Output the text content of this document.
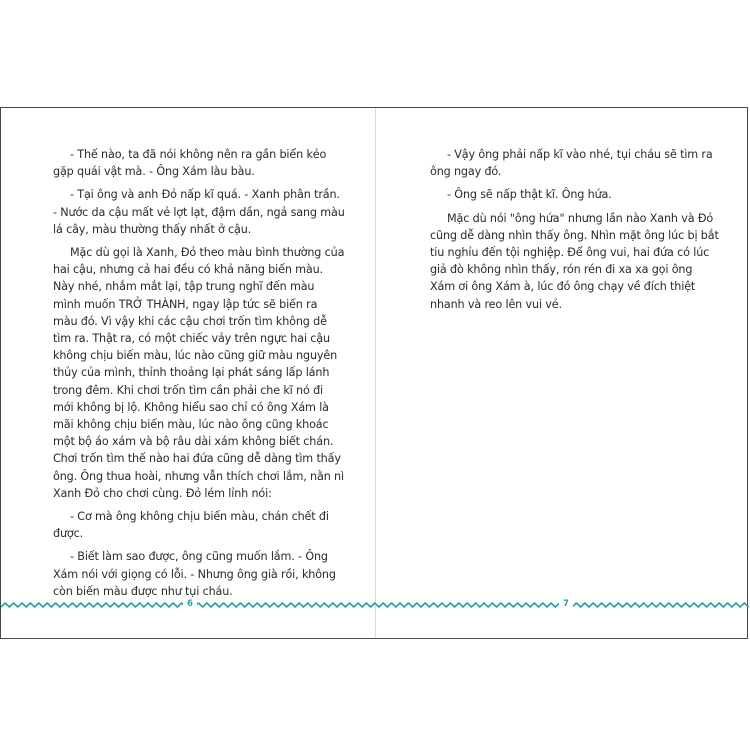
- Thế nào, ta đã nói không nên ra gần biển kẻo gặp quái vật mà. - Ông Xám làu bàu.

- Tại ông và anh Đỏ nấp kĩ quá. - Xanh phân trần. - Nước da cậu mất vẻ lợt lạt, đậm dần, ngả sang màu lá cây, màu thường thấy nhất ở cậu.

Mặc dù gọi là Xanh, Đỏ theo màu bình thường của hai cậu, nhưng cả hai đều có khả năng biến màu. Này nhé, nhắm mắt lại, tập trung nghĩ đến màu mình muốn TRỞ THÀNH, ngay lập tức sẽ biến ra màu đó. Vì vậy khi các cậu chơi trốn tìm không dễ tìm ra. Thật ra, có một chiếc vảy trên ngực hai cậu không chịu biến màu, lúc nào cũng giữ màu nguyên thủy của mình, thỉnh thoảng lại phát sáng lấp lánh trong đêm. Khi chơi trốn tìm cần phải che kĩ nó đi mới không bị lộ. Không hiểu sao chỉ có ông Xám là mãi không chịu biến màu, lúc nào ông cũng khoác một bộ áo xám và bộ râu dài xám không biết chán. Chơi trốn tìm thế nào hai đứa cũng dễ dàng tìm thấy ông. Ông thua hoài, nhưng vẫn thích chơi lắm, nằn nì Xanh Đỏ cho chơi cùng. Đỏ lém lỉnh nói:

- Cơ mà ông không chịu biến màu, chán chết đi được.

- Biết làm sao được, ông cũng muốn lắm. - Ông Xám nói với giọng có lỗi. - Nhưng ông già rồi, không còn biến màu được như tụi cháu.

- Vậy ông phải nấp kĩ vào nhé, tụi cháu sẽ tìm ra ông ngay đó.

- Ông sẽ nấp thật kĩ. Ông hứa.

Mặc dù nói "ông hứa" nhưng lần nào Xanh và Đỏ cũng dễ dàng nhìn thấy ông. Nhìn mặt ông lúc bị bắt tiu nghỉu đến tội nghiệp. Để ông vui, hai đứa có lúc giả đò không nhìn thấy, rón rén đi xa xa gọi ông Xám ơi ông Xám à, lúc đó ông chạy về đích thiệt nhanh và reo lên vui vẻ.

6	7
